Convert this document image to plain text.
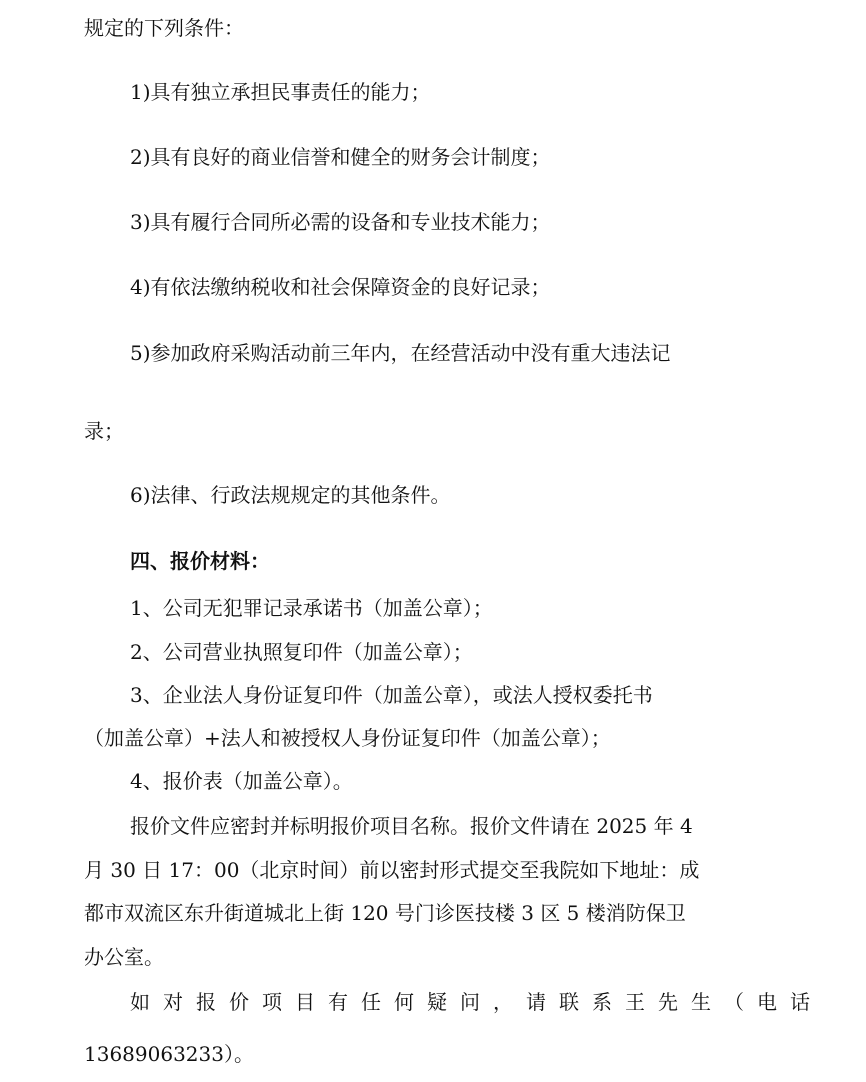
规定的下列条件：
1)具有独立承担民事责任的能力；
2)具有良好的商业信誉和健全的财务会计制度；
3)具有履行合同所必需的设备和专业技术能力；
4)有依法缴纳税收和社会保障资金的良好记录；
5)参加政府采购活动前三年内，在经营活动中没有重大违法记
录；
6)法律、行政法规规定的其他条件。
四、报价材料：
1、公司无犯罪记录承诺书（加盖公章）；
2、公司营业执照复印件（加盖公章）；
3、企业法人身份证复印件（加盖公章），或法人授权委托书
（加盖公章）+法人和被授权人身份证复印件（加盖公章）；
4、报价表（加盖公章）。
报价文件应密封并标明报价项目名称。报价文件请在 2025 年 4
月 30 日 17：00（北京时间）前以密封形式提交至我院如下地址：成
都市双流区东升街道城北上街 120 号门诊医技楼 3 区 5 楼消防保卫
办公室。
如对报价项目有任何疑问，请联系王先生（电话
13689063233）。
